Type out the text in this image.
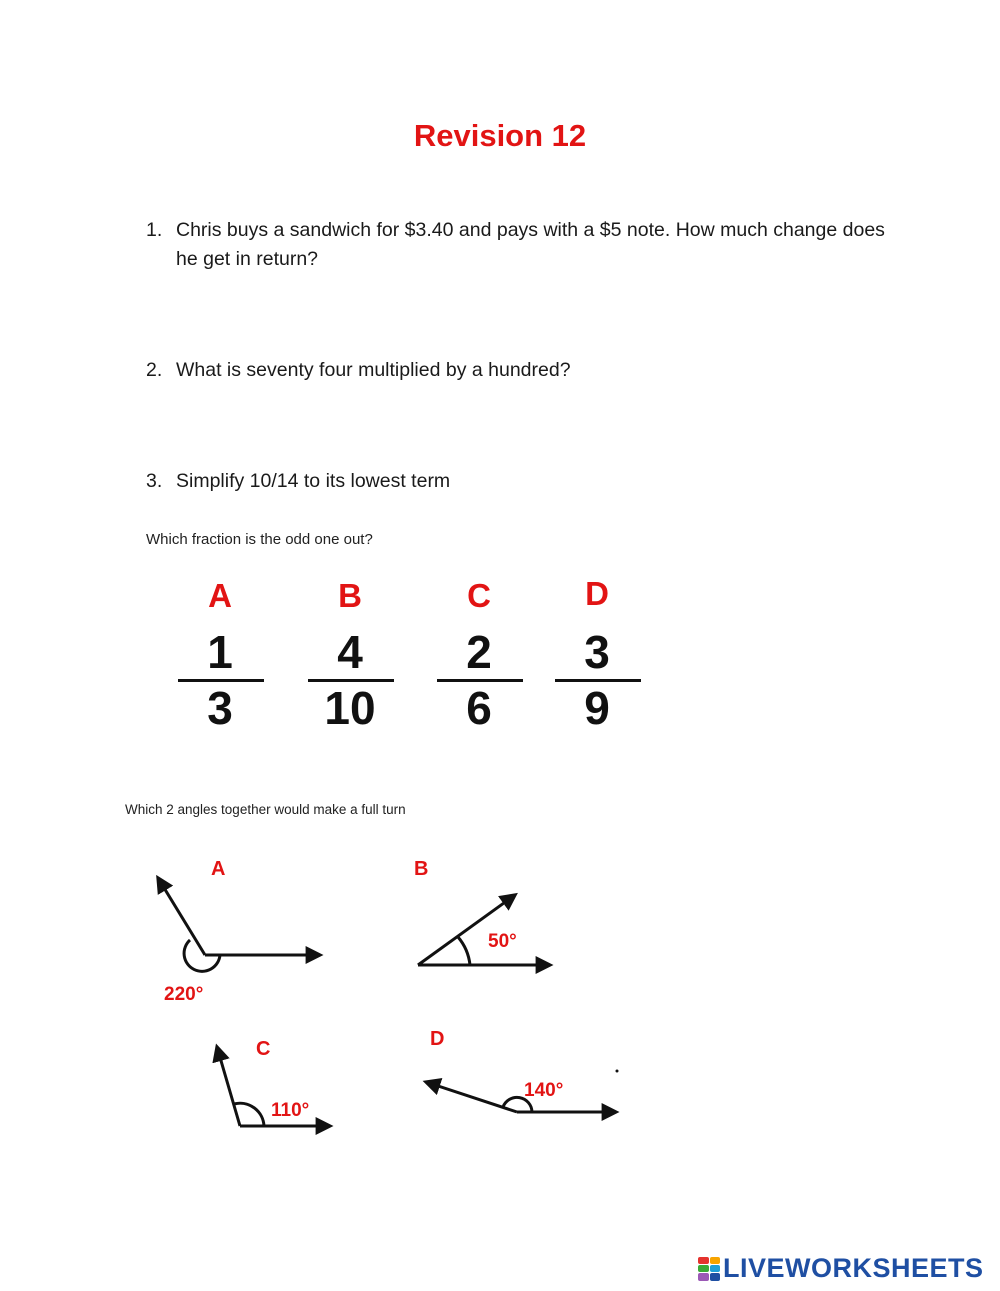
Revision 12
1. Chris buys a sandwich for $3.40 and pays with a $5 note. How much change does he get in return?
2. What is seventy four multiplied by a hundred?
3. Simplify 10/14 to its lowest term
Which fraction is the odd one out?
A
1
3
B
4
10
C
2
6
D
3
9
Which 2 angles together would make a full turn
A
220°
B
50°
C
110°
D
140°
LIVEWORKSHEETS
